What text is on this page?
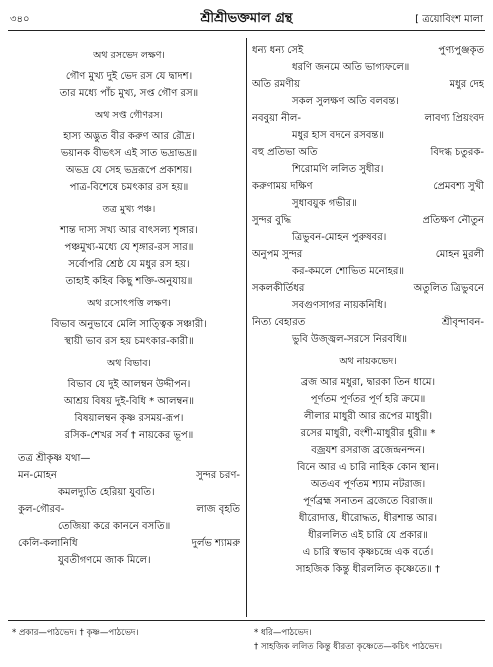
৩৪০	শ্রীশ্রীভক্তমাল গ্রন্থ	[ ত্রয়োবিংশ মালা
অথ রসভেদ লক্ষণ।
গৌণ মুখ্য দুই ভেদ রস যে দ্বাদশ।
তার মধ্যে পাঁচ মুখ্য, সপ্ত গৌণ রস॥
অথ সপ্ত গৌণরস।
হাস্য অদ্ভুত বীর করুণ আর রৌদ্র।
ভয়ানক বীভৎস এই সাত ভদ্রাভদ্র॥
অভদ্র যে সেহ ভদ্ররূপে প্রকাশয়।
পাত্র-বিশেষে চমৎকার রস হয়॥
তত্র মুখ্য পঞ্চ।
শান্ত দাস্য সখ্য আর বাৎসল্য শৃঙ্গার।
পঞ্চমুখ্য-মধ্যে যে শৃঙ্গার-রস সার॥
সর্বোপরি শ্রেষ্ঠ যে মধুর রস হয়।
তাহাই কহিব কিছু শক্তি-অনুযায়॥
অথ রসোৎপত্তি লক্ষণ।
বিভাব অনুভাবে মেলি সাত্ত্বিক সঞ্চারী।
স্থায়ী ভাব রস হয় চমৎকার-কারী॥
অথ বিভাব।
বিভাব যে দুই আলম্বন উদ্দীপন।
আশ্রয় বিষয় দুই-বিধি * আলম্বন॥
বিষয়ালম্বন কৃষ্ণ রসময়-রূপ।
রসিক-শেখর সর্ব † নায়কের ভূপ॥
তত্র শ্রীকৃষ্ণ যথা—
মন-মোহন	সুন্দর চরণ-
কমলদ্যুতি হেরিয়া যুবতি।
কুল-গৌরব-	লাজ বৃহতি
তেজিয়া করে কাননে বসতি॥
কেলি-কলানিধি	দুর্লভ শ্যামরু
যুবতীগণমে জাক মিলে।
ধন্য ধন্য সেই	পুণ্যপুঞ্জকৃত
ধরণি জনমে অতি ভাগ্যফলে॥
অতি রমণীয়	মধুর দেহ
সকল সুলক্ষণ অতি বলবন্ত।
নববুয়া নীল-	লাবণ্য প্রিয়ংবদ
মধুর হাস বদনে রসবন্ত॥
বহু প্রতিভা অতি	বিদগ্ধ চতুরক-
শিরোমণি ললিত সুধীর।
করুণাময় দক্ষিণ	প্রেমবশ্য সুখী
সুধাবয়ুক গভীর॥
সুন্দর বুদ্ধি	প্রতিক্ষণ নৌতুন
ত্রিভুবন-মোহন পুরুষবর।
অনুপম সুন্দর	মোহন মুরলী
কর-কমলে শোভিত মনোহর॥
সকলকীর্তিধর	অতুলিত ত্রিভুবনে
সবগুণসাগর নায়কনিধি।
নিত্য বেহারত	শ্রীবৃন্দাবন-
ভুবি উজ্জ্বল-সরসে নিরবধি॥
অথ নায়কভেদ।
ব্রজ আর মধুরা, দ্বারকা তিন ধামে।
পূর্ণতম পূর্ণতর পূর্ণ হরি ক্রমে॥
লীলার মাধুরী আর রূপের মাধুরী।
রসের মাধুরী, বংশী-মাধুরীর ধুরী॥ *
বজ্রযশ রসরাজ ব্রজেন্দ্রনন্দন।
বিনে আর এ চারি নাহিক কোন স্থান।
অতএব পূর্ণতম শ্যাম নটরাজ।
পূর্ণব্রহ্ম সনাতন ব্রজেতে বিরাজ॥
ধীরোদাত্ত, ধীরোদ্ধত, ধীরশান্ত আর।
ধীরললিত এই চারি যে প্রকার॥
এ চারি স্বভাব কৃষ্ণচন্দ্রে এক বর্তে।
সাহজিক কিন্তু ধীরললিত কৃষ্ণেতে॥ †
* প্রকার—পাঠভেদ। † কৃষ্ণ—পাঠভেদ।	* ধরি—পাঠভেদ।
† সাহজিক ললিত কিন্তু ধীরতা কৃষ্ণেতে—কচিৎ পাঠভেদ।
